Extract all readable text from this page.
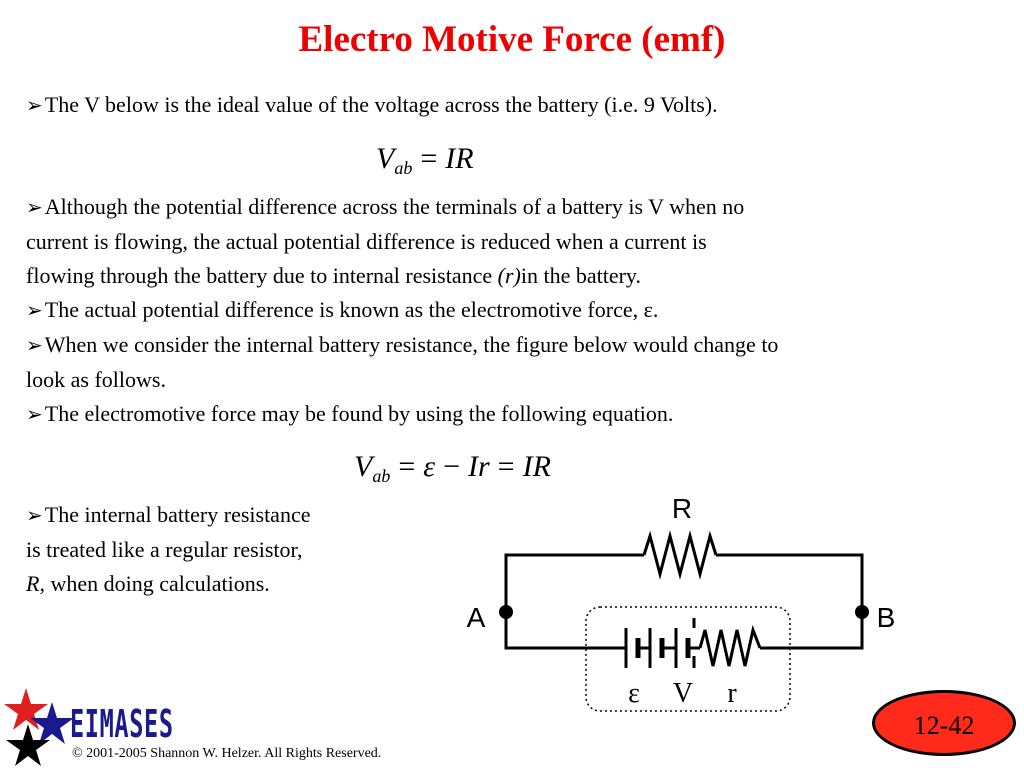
Electro Motive Force (emf)
➢The V below is the ideal value of the voltage across the battery (i.e. 9 Volts).
$V_{ab}$ = IR
➢Although the potential difference across the terminals of a battery is V when no
current is flowing, the actual potential difference is reduced when a current is
flowing through the battery due to internal resistance (r)in the battery.
➢The actual potential difference is known as the electromotive force, ε.
➢When we consider the internal battery resistance, the figure below would change to
look as follows.
➢The electromotive force may be found by using the following equation.
$V_{ab} = \varepsilon - Ir$ = IR
➢The internal battery resistance
is treated like a regular resistor,
R, when doing calculations.
R
A	B
ε V r
EIMASES
© 2001-2005 Shannon W. Helzer. All Rights Reserved.
12-42
